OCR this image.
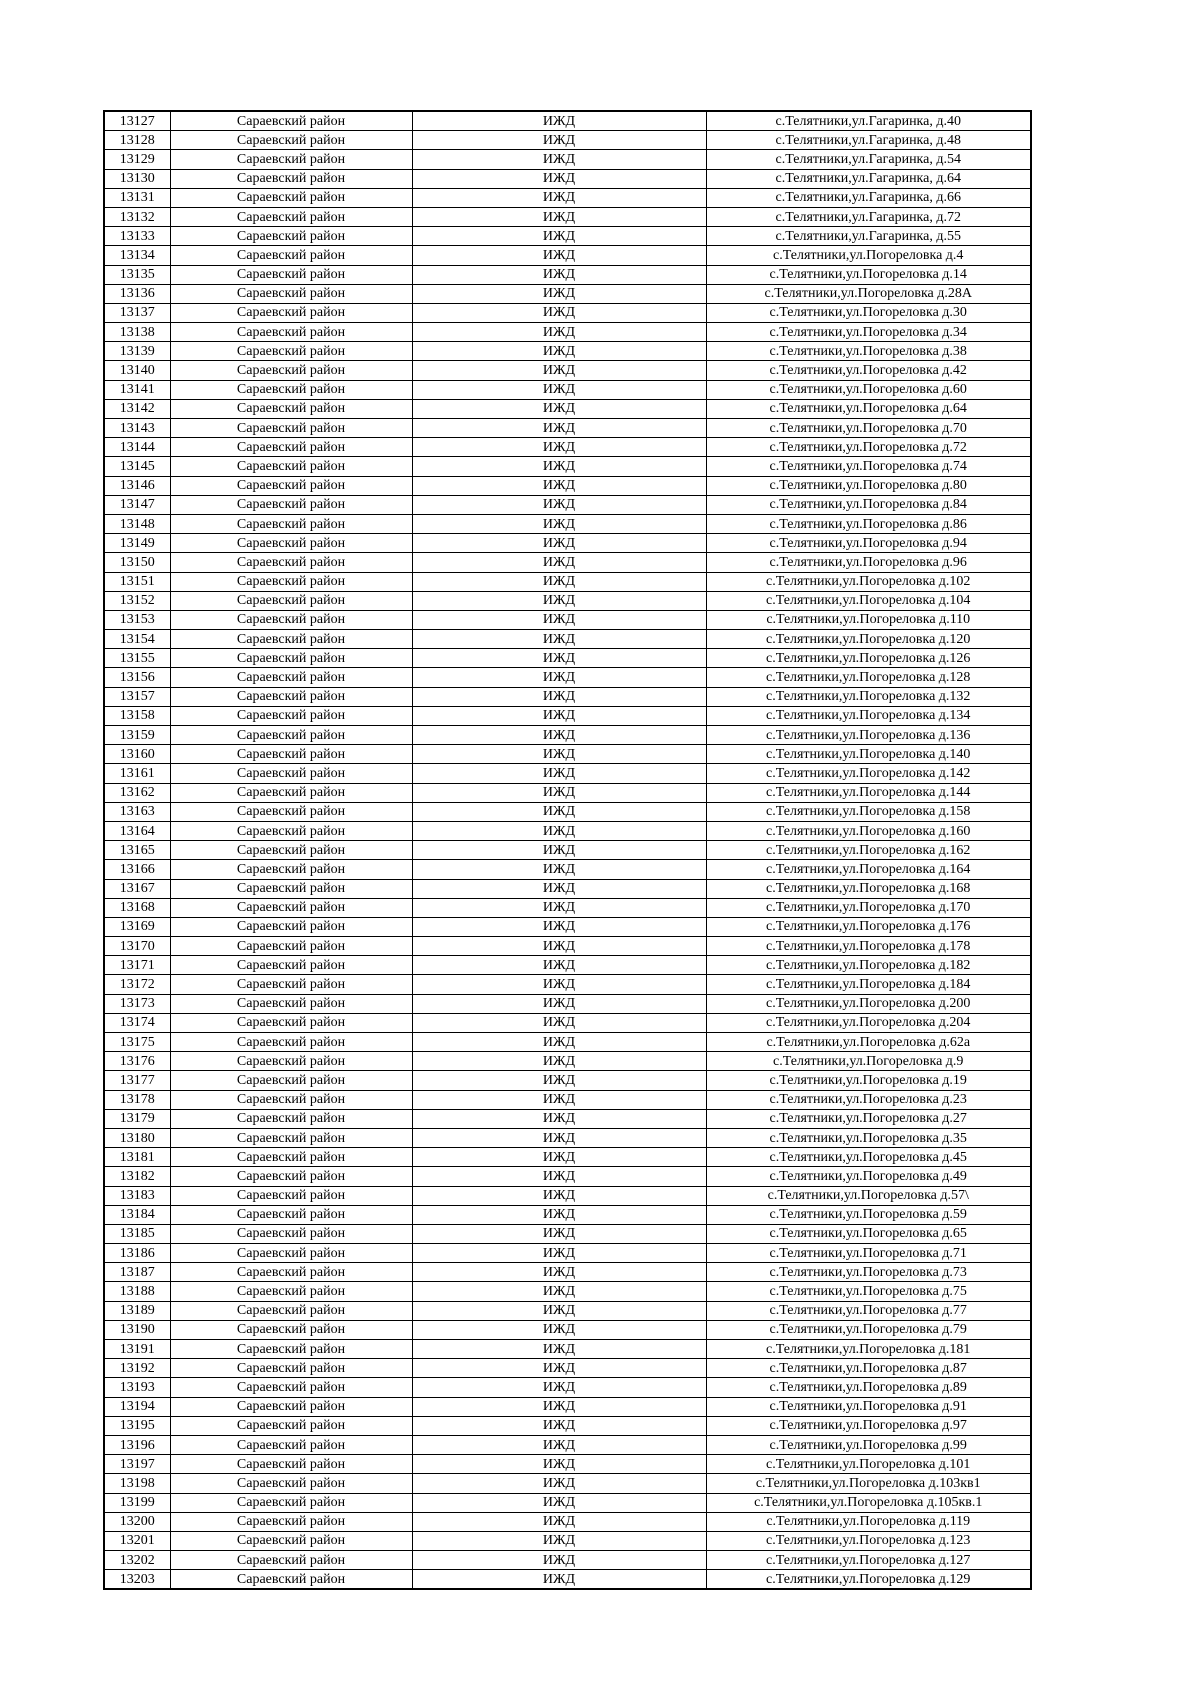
13127	Сараевский район	ИЖД	с.Телятники,ул.Гагаринка, д.40
13128	Сараевский район	ИЖД	с.Телятники,ул.Гагаринка, д.48
13129	Сараевский район	ИЖД	с.Телятники,ул.Гагаринка, д.54
13130	Сараевский район	ИЖД	с.Телятники,ул.Гагаринка, д.64
13131	Сараевский район	ИЖД	с.Телятники,ул.Гагаринка, д.66
13132	Сараевский район	ИЖД	с.Телятники,ул.Гагаринка, д.72
13133	Сараевский район	ИЖД	с.Телятники,ул.Гагаринка, д.55
13134	Сараевский район	ИЖД	с.Телятники,ул.Погореловка д.4
13135	Сараевский район	ИЖД	с.Телятники,ул.Погореловка д.14
13136	Сараевский район	ИЖД	с.Телятники,ул.Погореловка д.28А
13137	Сараевский район	ИЖД	с.Телятники,ул.Погореловка д.30
13138	Сараевский район	ИЖД	с.Телятники,ул.Погореловка д.34
13139	Сараевский район	ИЖД	с.Телятники,ул.Погореловка д.38
13140	Сараевский район	ИЖД	с.Телятники,ул.Погореловка д.42
13141	Сараевский район	ИЖД	с.Телятники,ул.Погореловка д.60
13142	Сараевский район	ИЖД	с.Телятники,ул.Погореловка д.64
13143	Сараевский район	ИЖД	с.Телятники,ул.Погореловка д.70
13144	Сараевский район	ИЖД	с.Телятники,ул.Погореловка д.72
13145	Сараевский район	ИЖД	с.Телятники,ул.Погореловка д.74
13146	Сараевский район	ИЖД	с.Телятники,ул.Погореловка д.80
13147	Сараевский район	ИЖД	с.Телятники,ул.Погореловка д.84
13148	Сараевский район	ИЖД	с.Телятники,ул.Погореловка д.86
13149	Сараевский район	ИЖД	с.Телятники,ул.Погореловка д.94
13150	Сараевский район	ИЖД	с.Телятники,ул.Погореловка д.96
13151	Сараевский район	ИЖД	с.Телятники,ул.Погореловка д.102
13152	Сараевский район	ИЖД	с.Телятники,ул.Погореловка д.104
13153	Сараевский район	ИЖД	с.Телятники,ул.Погореловка д.110
13154	Сараевский район	ИЖД	с.Телятники,ул.Погореловка д.120
13155	Сараевский район	ИЖД	с.Телятники,ул.Погореловка д.126
13156	Сараевский район	ИЖД	с.Телятники,ул.Погореловка д.128
13157	Сараевский район	ИЖД	с.Телятники,ул.Погореловка д.132
13158	Сараевский район	ИЖД	с.Телятники,ул.Погореловка д.134
13159	Сараевский район	ИЖД	с.Телятники,ул.Погореловка д.136
13160	Сараевский район	ИЖД	с.Телятники,ул.Погореловка д.140
13161	Сараевский район	ИЖД	с.Телятники,ул.Погореловка д.142
13162	Сараевский район	ИЖД	с.Телятники,ул.Погореловка д.144
13163	Сараевский район	ИЖД	с.Телятники,ул.Погореловка д.158
13164	Сараевский район	ИЖД	с.Телятники,ул.Погореловка д.160
13165	Сараевский район	ИЖД	с.Телятники,ул.Погореловка д.162
13166	Сараевский район	ИЖД	с.Телятники,ул.Погореловка д.164
13167	Сараевский район	ИЖД	с.Телятники,ул.Погореловка д.168
13168	Сараевский район	ИЖД	с.Телятники,ул.Погореловка д.170
13169	Сараевский район	ИЖД	с.Телятники,ул.Погореловка д.176
13170	Сараевский район	ИЖД	с.Телятники,ул.Погореловка д.178
13171	Сараевский район	ИЖД	с.Телятники,ул.Погореловка д.182
13172	Сараевский район	ИЖД	с.Телятники,ул.Погореловка д.184
13173	Сараевский район	ИЖД	с.Телятники,ул.Погореловка д.200
13174	Сараевский район	ИЖД	с.Телятники,ул.Погореловка д.204
13175	Сараевский район	ИЖД	с.Телятники,ул.Погореловка д.62а
13176	Сараевский район	ИЖД	с.Телятники,ул.Погореловка д.9
13177	Сараевский район	ИЖД	с.Телятники,ул.Погореловка д.19
13178	Сараевский район	ИЖД	с.Телятники,ул.Погореловка д.23
13179	Сараевский район	ИЖД	с.Телятники,ул.Погореловка д.27
13180	Сараевский район	ИЖД	с.Телятники,ул.Погореловка д.35
13181	Сараевский район	ИЖД	с.Телятники,ул.Погореловка д.45
13182	Сараевский район	ИЖД	с.Телятники,ул.Погореловка д.49
13183	Сараевский район	ИЖД	с.Телятники,ул.Погореловка д.57\
13184	Сараевский район	ИЖД	с.Телятники,ул.Погореловка д.59
13185	Сараевский район	ИЖД	с.Телятники,ул.Погореловка д.65
13186	Сараевский район	ИЖД	с.Телятники,ул.Погореловка д.71
13187	Сараевский район	ИЖД	с.Телятники,ул.Погореловка д.73
13188	Сараевский район	ИЖД	с.Телятники,ул.Погореловка д.75
13189	Сараевский район	ИЖД	с.Телятники,ул.Погореловка д.77
13190	Сараевский район	ИЖД	с.Телятники,ул.Погореловка д.79
13191	Сараевский район	ИЖД	с.Телятники,ул.Погореловка д.181
13192	Сараевский район	ИЖД	с.Телятники,ул.Погореловка д.87
13193	Сараевский район	ИЖД	с.Телятники,ул.Погореловка д.89
13194	Сараевский район	ИЖД	с.Телятники,ул.Погореловка д.91
13195	Сараевский район	ИЖД	с.Телятники,ул.Погореловка д.97
13196	Сараевский район	ИЖД	с.Телятники,ул.Погореловка д.99
13197	Сараевский район	ИЖД	с.Телятники,ул.Погореловка д.101
13198	Сараевский район	ИЖД	с.Телятники,ул.Погореловка д.103кв1
13199	Сараевский район	ИЖД	с.Телятники,ул.Погореловка д.105кв.1
13200	Сараевский район	ИЖД	с.Телятники,ул.Погореловка д.119
13201	Сараевский район	ИЖД	с.Телятники,ул.Погореловка д.123
13202	Сараевский район	ИЖД	с.Телятники,ул.Погореловка д.127
13203	Сараевский район	ИЖД	с.Телятники,ул.Погореловка д.129
